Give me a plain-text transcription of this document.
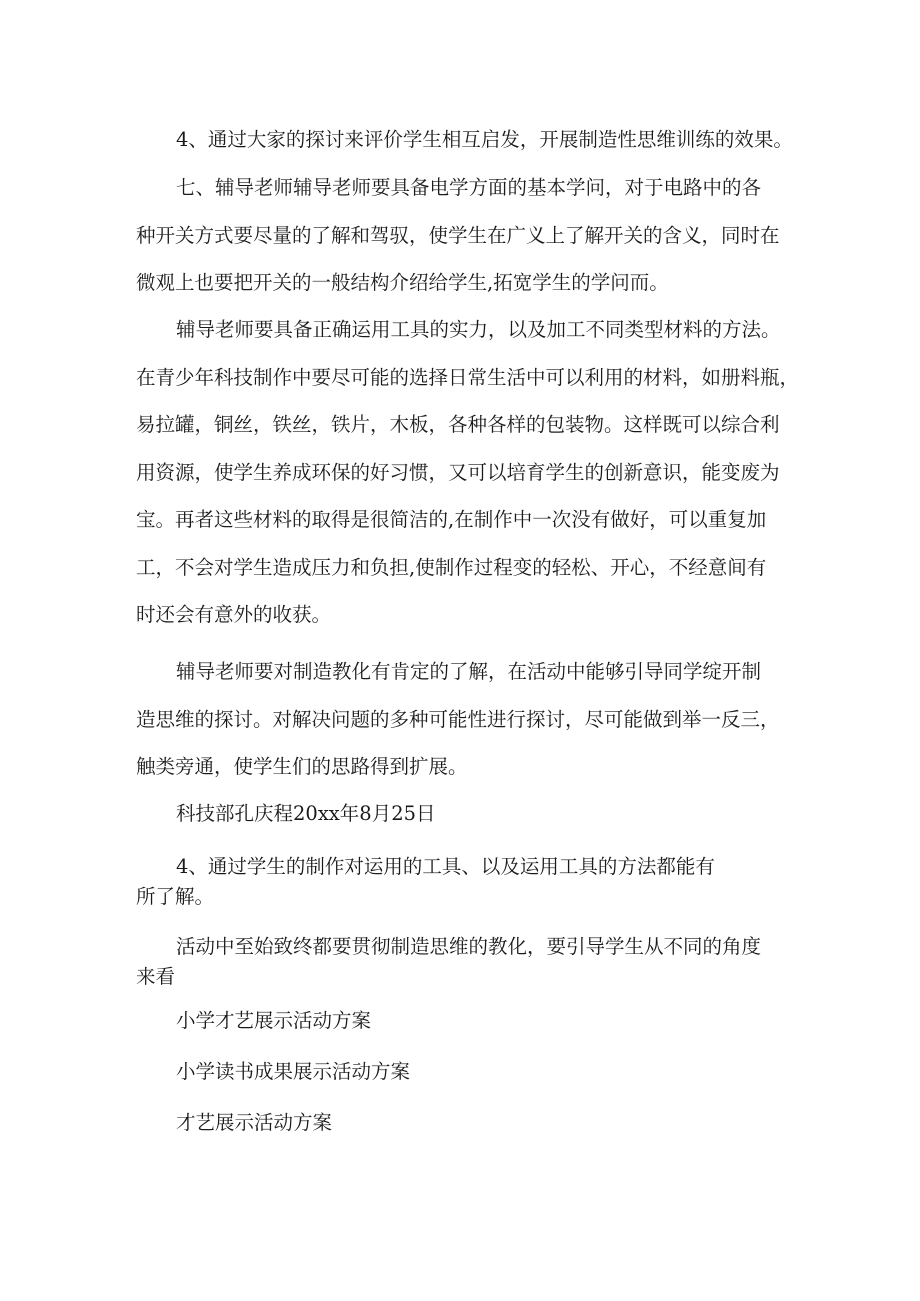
4、通过大家的探讨来评价学生相互启发，开展制造性思维训练的效果。

七、辅导老师辅导老师要具备电学方面的基本学问，对于电路中的各
种开关方式要尽量的了解和驾驭，使学生在广义上了解开关的含义，同时在
微观上也要把开关的一般结构介绍给学生,拓宽学生的学问而。

辅导老师要具备正确运用工具的实力，以及加工不同类型材料的方法。
在青少年科技制作中要尽可能的选择日常生活中可以利用的材料，如册料瓶，
易拉罐，铜丝，铁丝，铁片，木板，各种各样的包装物。这样既可以综合利
用资源，使学生养成环保的好习惯，又可以培育学生的创新意识，能变废为
宝。再者这些材料的取得是很简洁的,在制作中一次没有做好，可以重复加
工，不会对学生造成压力和负担,使制作过程变的轻松、开心，不经意间有
时还会有意外的收获。

辅导老师要对制造教化有肯定的了解，在活动中能够引导同学绽开制
造思维的探讨。对解决问题的多种可能性进行探讨，尽可能做到举一反三，
触类旁通，使学生们的思路得到扩展。

科技部孔庆程20xx年8月25日

4、通过学生的制作对运用的工具、以及运用工具的方法都能有
所了解。

活动中至始致终都要贯彻制造思维的教化，要引导学生从不同的角度
来看

小学才艺展示活动方案

小学读书成果展示活动方案

才艺展示活动方案
